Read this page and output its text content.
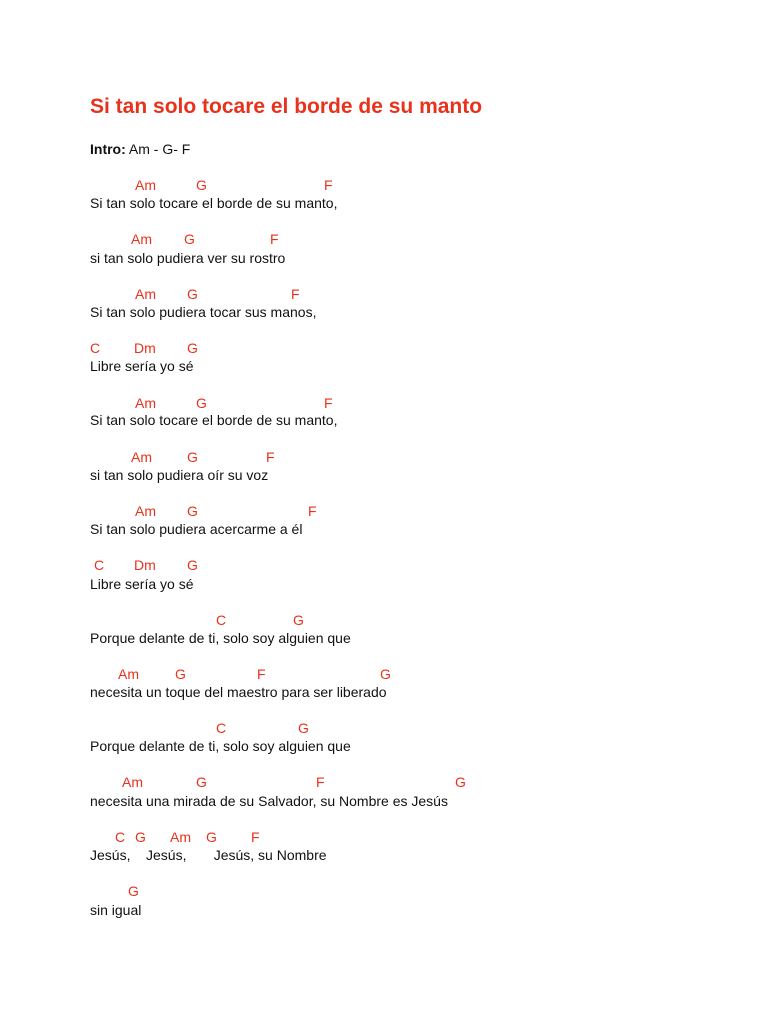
Si tan solo tocare el borde de su manto
Intro: Am - G- F
Am	G	F
Si tan solo tocare el borde de su manto,
Am G	F
si tan solo pudiera ver su rostro
Am G	F
Si tan solo pudiera tocar sus manos,
C Dm G
Libre sería yo sé
Am	G	F
Si tan solo tocare el borde de su manto,
Am	G	F
si tan solo pudiera oír su voz
Am G	F
Si tan solo pudiera acercarme a él
C Dm G
Libre sería yo sé
C	G
Porque delante de ti, solo soy alguien que
Am	G	F	G
necesita un toque del maestro para ser liberado
C	G
Porque delante de ti, solo soy alguien que
Am	G	F	G
necesita una mirada de su Salvador, su Nombre es Jesús
C G Am G F
Jesús,    Jesús,       Jesús, su Nombre
G
sin igual
